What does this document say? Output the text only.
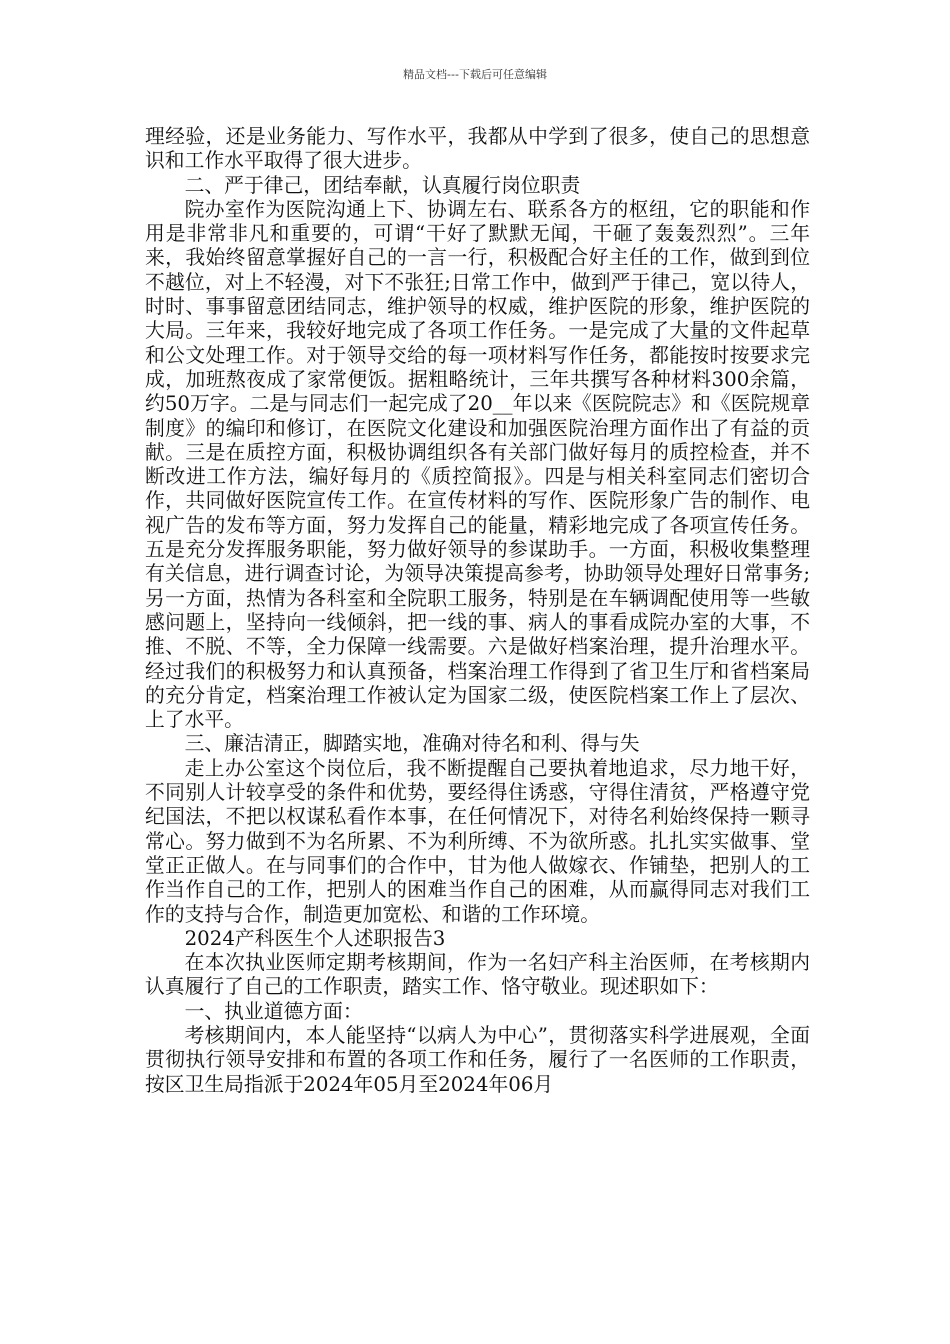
精品文档---下载后可任意编辑

理经验，还是业务能力、写作水平，我都从中学到了很多，使自己的思想意识和工作水平取得了很大进步。

二、严于律己，团结奉献，认真履行岗位职责

院办室作为医院沟通上下、协调左右、联系各方的枢纽，它的职能和作用是非常非凡和重要的，可谓“干好了默默无闻，干砸了轰轰烈烈”。三年来，我始终留意掌握好自己的一言一行，积极配合好主任的工作，做到到位不越位，对上不轻漫，对下不张狂;日常工作中，做到严于律己，宽以待人，时时、事事留意团结同志，维护领导的权威，维护医院的形象，维护医院的大局。三年来，我较好地完成了各项工作任务。一是完成了大量的文件起草和公文处理工作。对于领导交给的每一项材料写作任务，都能按时按要求完成，加班熬夜成了家常便饭。据粗略统计，三年共撰写各种材料300余篇，约50万字。二是与同志们一起完成了20__年以来《医院院志》和《医院规章制度》的编印和修订，在医院文化建设和加强医院治理方面作出了有益的贡献。三是在质控方面，积极协调组织各有关部门做好每月的质控检查，并不断改进工作方法，编好每月的《质控简报》。四是与相关科室同志们密切合作，共同做好医院宣传工作。在宣传材料的写作、医院形象广告的制作、电视广告的发布等方面，努力发挥自己的能量，精彩地完成了各项宣传任务。五是充分发挥服务职能，努力做好领导的参谋助手。一方面，积极收集整理有关信息，进行调查讨论，为领导决策提高参考，协助领导处理好日常事务;另一方面，热情为各科室和全院职工服务，特别是在车辆调配使用等一些敏感问题上，坚持向一线倾斜，把一线的事、病人的事看成院办室的大事，不推、不脱、不等，全力保障一线需要。六是做好档案治理，提升治理水平。经过我们的积极努力和认真预备，档案治理工作得到了省卫生厅和省档案局的充分肯定，档案治理工作被认定为国家二级，使医院档案工作上了层次、上了水平。

三、廉洁清正，脚踏实地，准确对待名和利、得与失

走上办公室这个岗位后，我不断提醒自己要执着地追求，尽力地干好，不同别人计较享受的条件和优势，要经得住诱惑，守得住清贫，严格遵守党纪国法，不把以权谋私看作本事，在任何情况下，对待名利始终保持一颗寻常心。努力做到不为名所累、不为利所缚、不为欲所惑。扎扎实实做事、堂堂正正做人。在与同事们的合作中，甘为他人做嫁衣、作铺垫，把别人的工作当作自己的工作，把别人的困难当作自己的困难，从而赢得同志对我们工作的支持与合作，制造更加宽松、和谐的工作环境。

2024产科医生个人述职报告3

在本次执业医师定期考核期间，作为一名妇产科主治医师，在考核期内认真履行了自己的工作职责，踏实工作、恪守敬业。现述职如下：

一、执业道德方面：

考核期间内，本人能坚持“以病人为中心”，贯彻落实科学进展观，全面贯彻执行领导安排和布置的各项工作和任务，履行了一名医师的工作职责，按区卫生局指派于2024年05月至2024年06月
